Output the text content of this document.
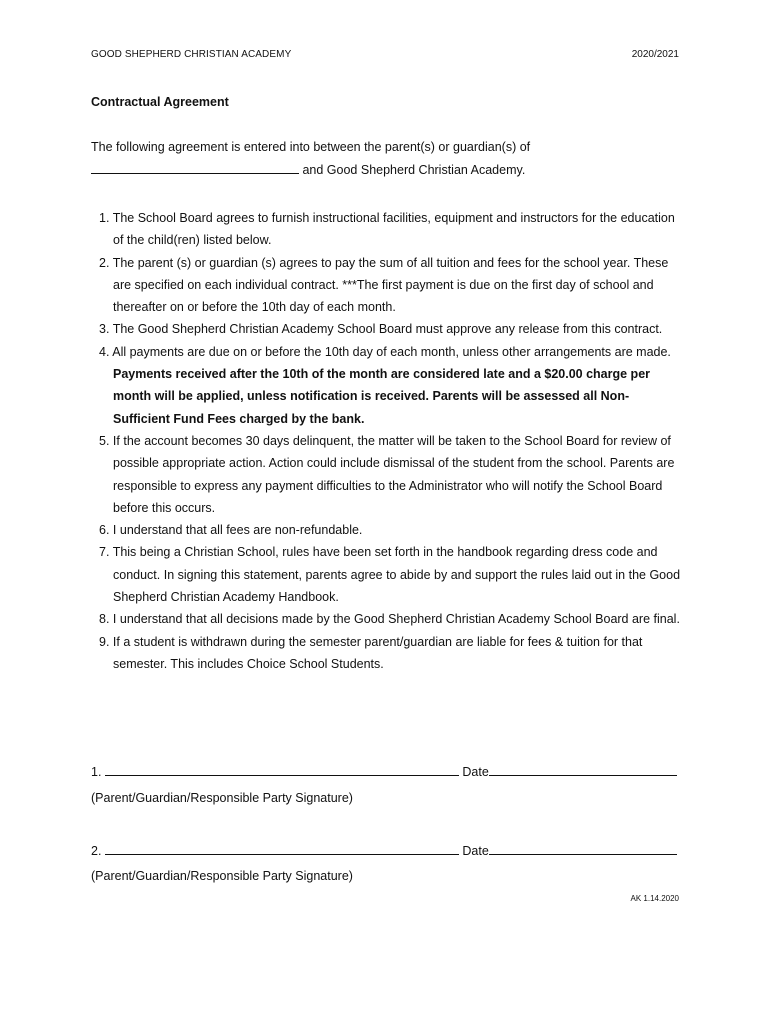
GOOD SHEPHERD CHRISTIAN ACADEMY	2020/2021
Contractual Agreement
The following agreement is entered into between the parent(s) or guardian(s) of
and Good Shepherd Christian Academy.
1. The School Board agrees to furnish instructional facilities, equipment and instructors for the education of the child(ren) listed below.
2. The parent (s) or guardian (s) agrees to pay the sum of all tuition and fees for the school year. These are specified on each individual contract. ***The first payment is due on the first day of school and thereafter on or before the 10th day of each month.
3. The Good Shepherd Christian Academy School Board must approve any release from this contract.
4. All payments are due on or before the 10th day of each month, unless other arrangements are made. Payments received after the 10th of the month are considered late and a $20.00 charge per month will be applied, unless notification is received. Parents will be assessed all Non-Sufficient Fund Fees charged by the bank.
5. If the account becomes 30 days delinquent, the matter will be taken to the School Board for review of possible appropriate action. Action could include dismissal of the student from the school. Parents are responsible to express any payment difficulties to the Administrator who will notify the School Board before this occurs.
6. I understand that all fees are non-refundable.
7. This being a Christian School, rules have been set forth in the handbook regarding dress code and conduct. In signing this statement, parents agree to abide by and support the rules laid out in the Good Shepherd Christian Academy Handbook.
8. I understand that all decisions made by the Good Shepherd Christian Academy School Board are final.
9. If a student is withdrawn during the semester parent/guardian are liable for fees & tuition for that semester. This includes Choice School Students.
1.	Date
(Parent/Guardian/Responsible Party Signature)
2.	Date
(Parent/Guardian/Responsible Party Signature)
AK 1.14.2020
